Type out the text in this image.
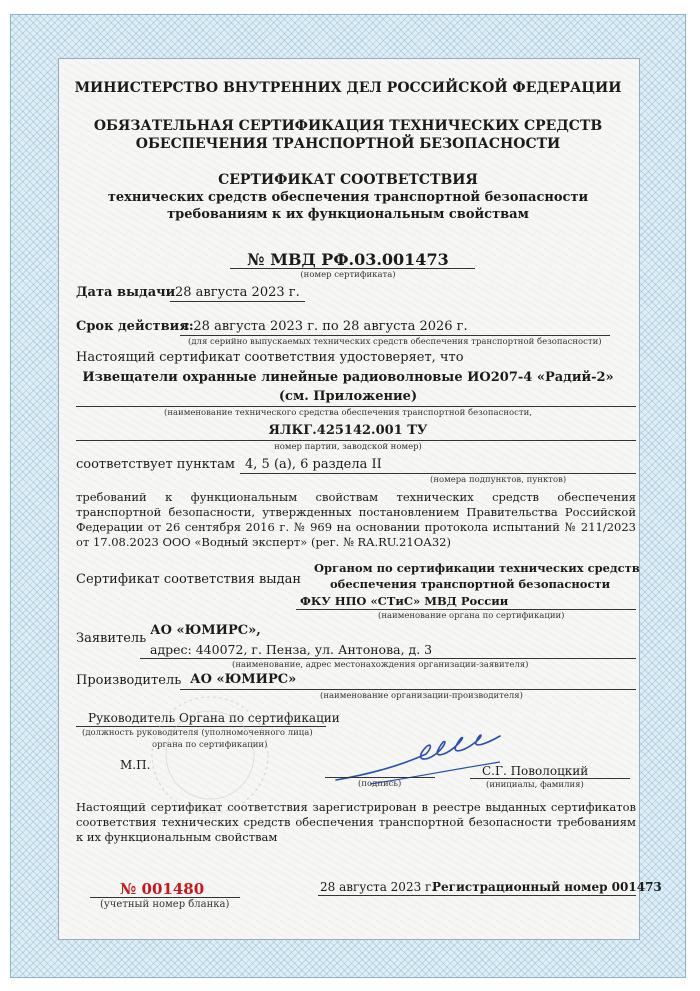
МИНИСТЕРСТВО ВНУТРЕННИХ ДЕЛ РОССИЙСКОЙ ФЕДЕРАЦИИ
ОБЯЗАТЕЛЬНАЯ СЕРТИФИКАЦИЯ ТЕХНИЧЕСКИХ СРЕДСТВ
ОБЕСПЕЧЕНИЯ ТРАНСПОРТНОЙ БЕЗОПАСНОСТИ
СЕРТИФИКАТ СООТВЕТСТВИЯ
технических средств обеспечения транспортной безопасности
требованиям к их функциональным свойствам
№ МВД РФ.03.001473
(номер сертификата)
Дата выдачи 28 августа 2023 г.
Срок действия:
с 28 августа 2023 г. по 28 августа 2026 г.
(для серийно выпускаемых технических средств обеспечения транспортной безопасности)
Настоящий сертификат соответствия удостоверяет, что
Извещатели охранные линейные радиоволновые ИО207-4 «Радий-2»
(см. Приложение)
(наименование технического средства обеспечения транспортной безопасности,
ЯЛКГ.425142.001 ТУ
номер партии, заводской номер)
соответствует пунктам 4, 5 (а), 6 раздела II
(номера подпунктов, пунктов)
требований к функциональным свойствам технических средств обеспечения транспортной безопасности, утвержденных постановлением Правительства Российской Федерации от 26 сентября 2016 г. № 969 на основании протокола испытаний № 211/2023 от 17.08.2023 ООО «Водный эксперт» (рег. № RA.RU.21ОА32)
Сертификат соответствия выдан
Органом по сертификации технических средств
обеспечения транспортной безопасности
ФКУ НПО «СТиС» МВД России
(наименование органа по сертификации)
Заявитель
АО «ЮМИРС»,
адрес: 440072, г. Пенза, ул. Антонова, д. 3
(наименование, адрес местонахождения организации-заявителя)
Производитель АО «ЮМИРС»
(наименование организации-производителя)
Руководитель Органа по сертификации
(должность руководителя (уполномоченного лица)
органа по сертификации)
М.П.
(подпись)
С.Г. Поволоцкий
(инициалы, фамилия)
Настоящий сертификат соответствия зарегистрирован в реестре выданных сертификатов соответствия технических средств обеспечения транспортной безопасности требованиям к их функциональным свойствам
№ 001480
(учетный номер бланка)
28 августа 2023 г.
Регистрационный номер 001473
